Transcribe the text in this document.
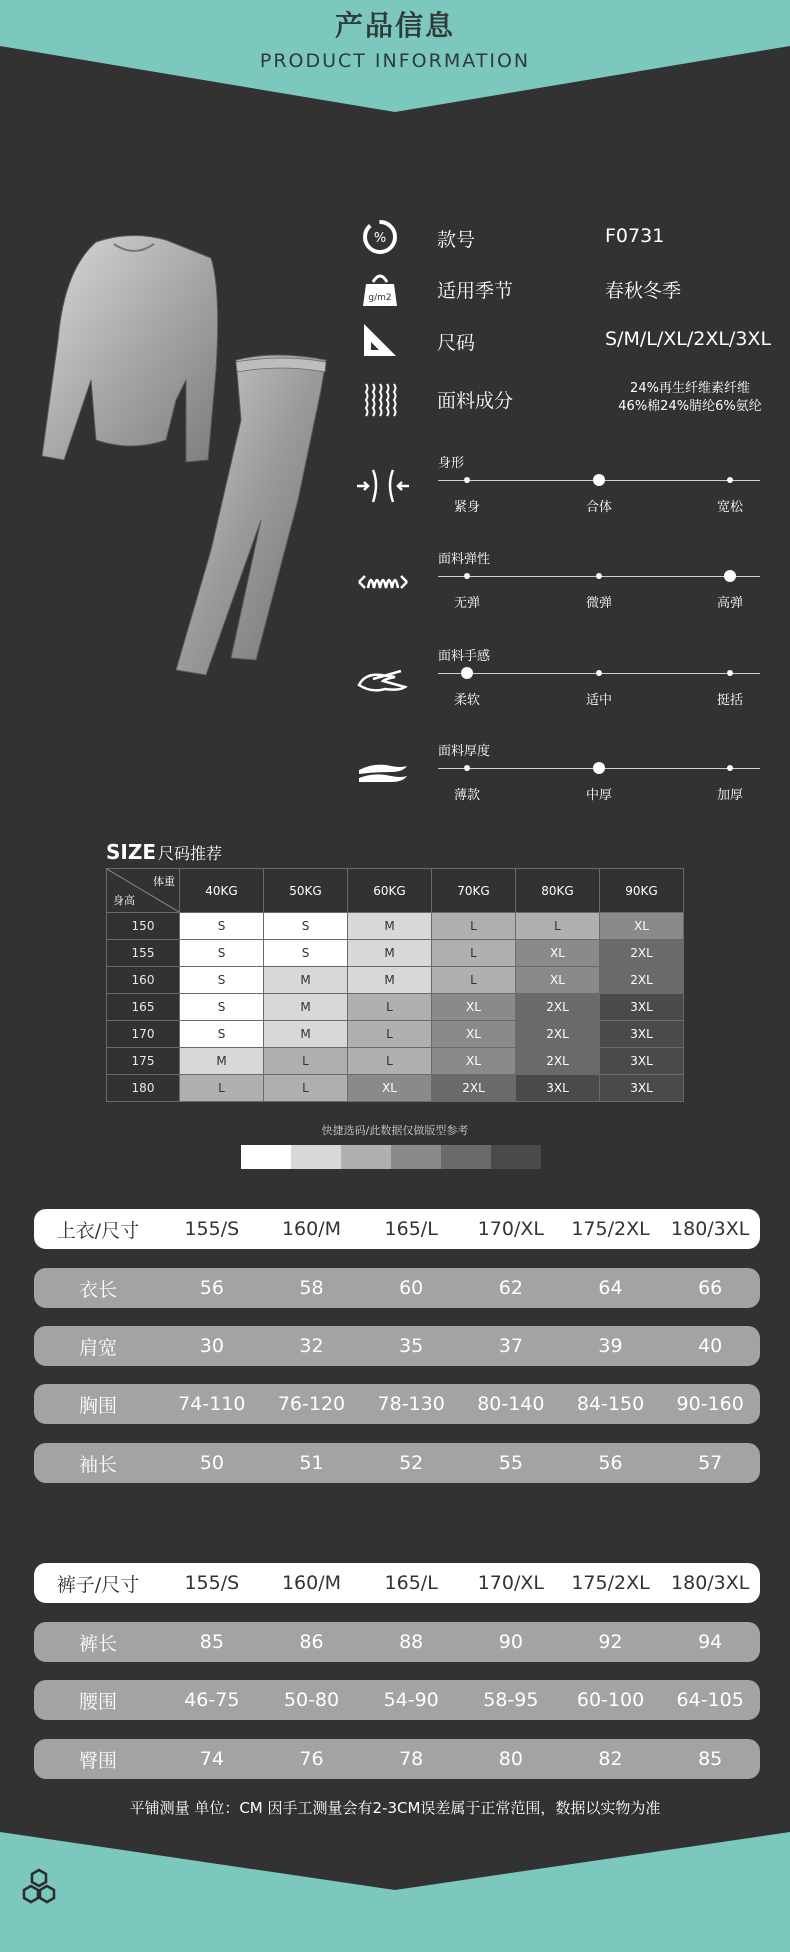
产品信息
PRODUCT INFORMATION
%	款号	F0731
g/m2 适用季节	春秋冬季
尺码	S/M/L/XL/2XL/3XL
面料成分
24%再生纤维素纤维
46%棉24%腈纶6%氨纶
身形
紧身	合体	宽松
面料弹性
无弹	微弹	高弹
面料手感
柔软	适中	挺括
面料厚度
薄款	中厚	加厚
SIZE 尺码推荐
体重
身高	40KG	50KG	60KG	70KG	80KG	90KG
150	S	S	M	L	L	XL
155	S	S	M	L	XL	2XL
160	S	M	M	L	XL	2XL
165	S	M	L	XL	2XL	3XL
170	S	M	L	XL	2XL	3XL
175	M	L	L	XL	2XL	3XL
180	L	L	XL	2XL	3XL	3XL
快捷选码/此数据仅做版型参考
上衣/尺寸	155/S	160/M	165/L	170/XL	175/2XL	180/3XL
衣长	56	58	60	62	64	66
肩宽	30	32	35	37	39	40
胸围	74-110	76-120	78-130	80-140	84-150	90-160
袖长	50	51	52	55	56	57
裤子/尺寸	155/S	160/M	165/L	170/XL	175/2XL	180/3XL
裤长	85	86	88	90	92	94
腰围	46-75	50-80	54-90	58-95	60-100	64-105
臀围	74	76	78	80	82	85
平铺测量 单位：CM 因手工测量会有2-3CM误差属于正常范围，数据以实物为准
